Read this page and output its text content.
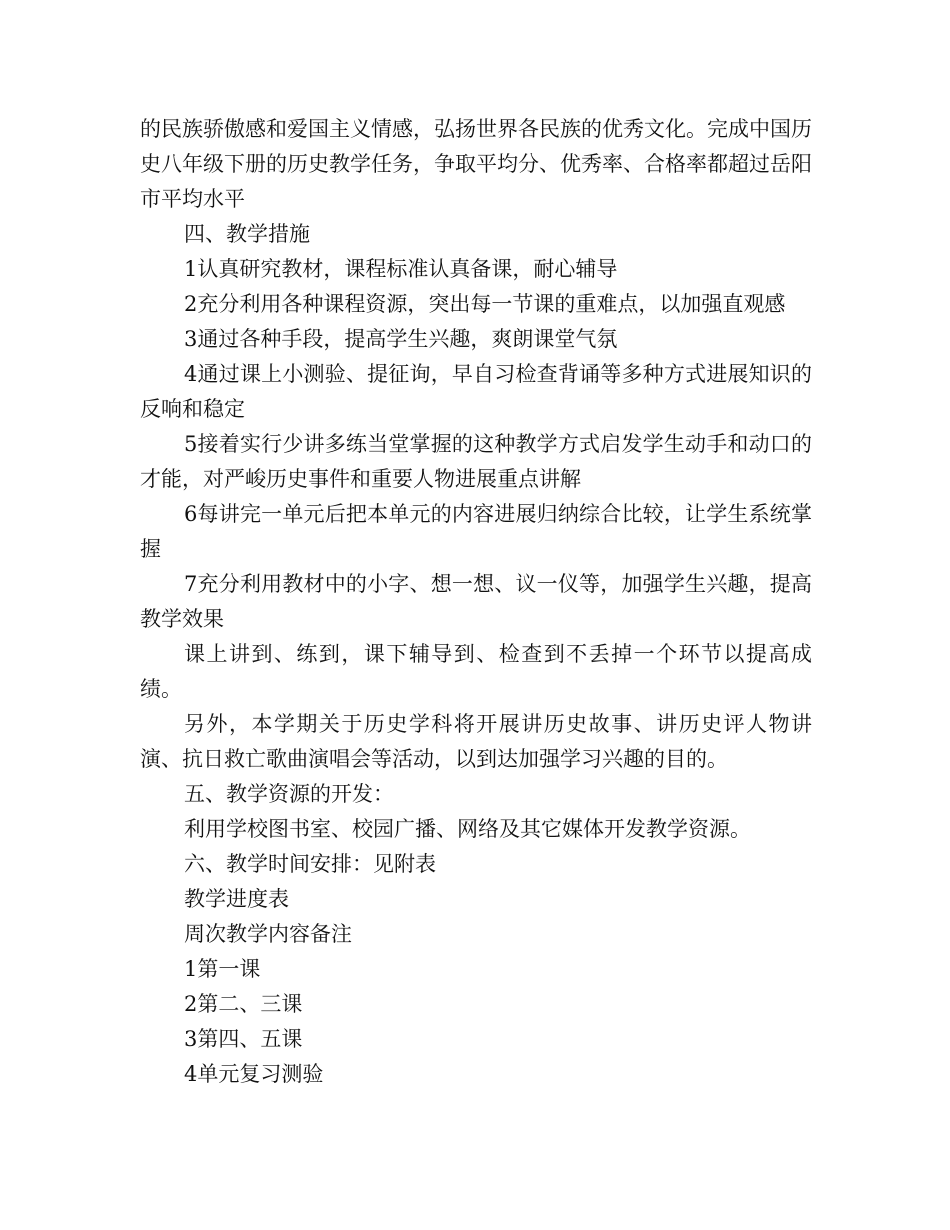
的民族骄傲感和爱国主义情感，弘扬世界各民族的优秀文化。完成中国历史八年级下册的历史教学任务，争取平均分、优秀率、合格率都超过岳阳市平均水平

四、教学措施

1认真研究教材，课程标准认真备课，耐心辅导

2充分利用各种课程资源，突出每一节课的重难点，以加强直观感

3通过各种手段，提高学生兴趣，爽朗课堂气氛

4通过课上小测验、提征询，早自习检查背诵等多种方式进展知识的反响和稳定

5接着实行少讲多练当堂掌握的这种教学方式启发学生动手和动口的才能，对严峻历史事件和重要人物进展重点讲解

6每讲完一单元后把本单元的内容进展归纳综合比较，让学生系统掌握

7充分利用教材中的小字、想一想、议一仪等，加强学生兴趣，提高教学效果

课上讲到、练到，课下辅导到、检查到不丢掉一个环节以提高成绩。

另外，本学期关于历史学科将开展讲历史故事、讲历史评人物讲演、抗日救亡歌曲演唱会等活动，以到达加强学习兴趣的目的。

五、教学资源的开发：

利用学校图书室、校园广播、网络及其它媒体开发教学资源。

六、教学时间安排：见附表

教学进度表

周次教学内容备注

1第一课

2第二、三课

3第四、五课

4单元复习测验
